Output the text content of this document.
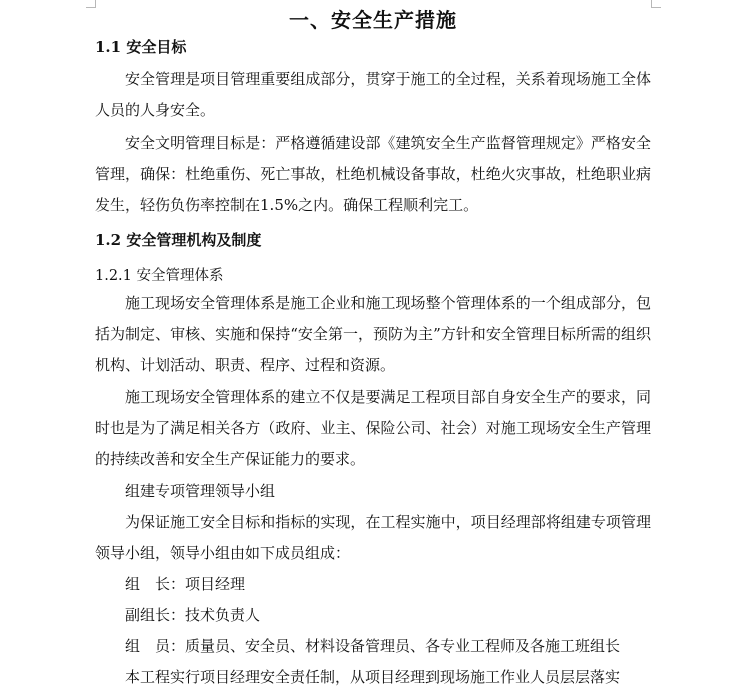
一、安全生产措施
1.1 安全目标
安全管理是项目管理重要组成部分，贯穿于施工的全过程，关系着现场施工全体人员的人身安全。
安全文明管理目标是：严格遵循建设部《建筑安全生产监督管理规定》严格安全管理，确保：杜绝重伤、死亡事故，杜绝机械设备事故，杜绝火灾事故，杜绝职业病发生，轻伤负伤率控制在1.5%之内。确保工程顺利完工。
1.2 安全管理机构及制度
1.2.1 安全管理体系
施工现场安全管理体系是施工企业和施工现场整个管理体系的一个组成部分，包括为制定、审核、实施和保持“安全第一，预防为主”方针和安全管理目标所需的组织机构、计划活动、职责、程序、过程和资源。
施工现场安全管理体系的建立不仅是要满足工程项目部自身安全生产的要求，同时也是为了满足相关各方（政府、业主、保险公司、社会）对施工现场安全生产管理的持续改善和安全生产保证能力的要求。
组建专项管理领导小组
为保证施工安全目标和指标的实现，在工程实施中，项目经理部将组建专项管理领导小组，领导小组由如下成员组成：
组　长：项目经理
副组长：技术负责人
组　员：质量员、安全员、材料设备管理员、各专业工程师及各施工班组长
本工程实行项目经理安全责任制，从项目经理到现场施工作业人员层层落实
